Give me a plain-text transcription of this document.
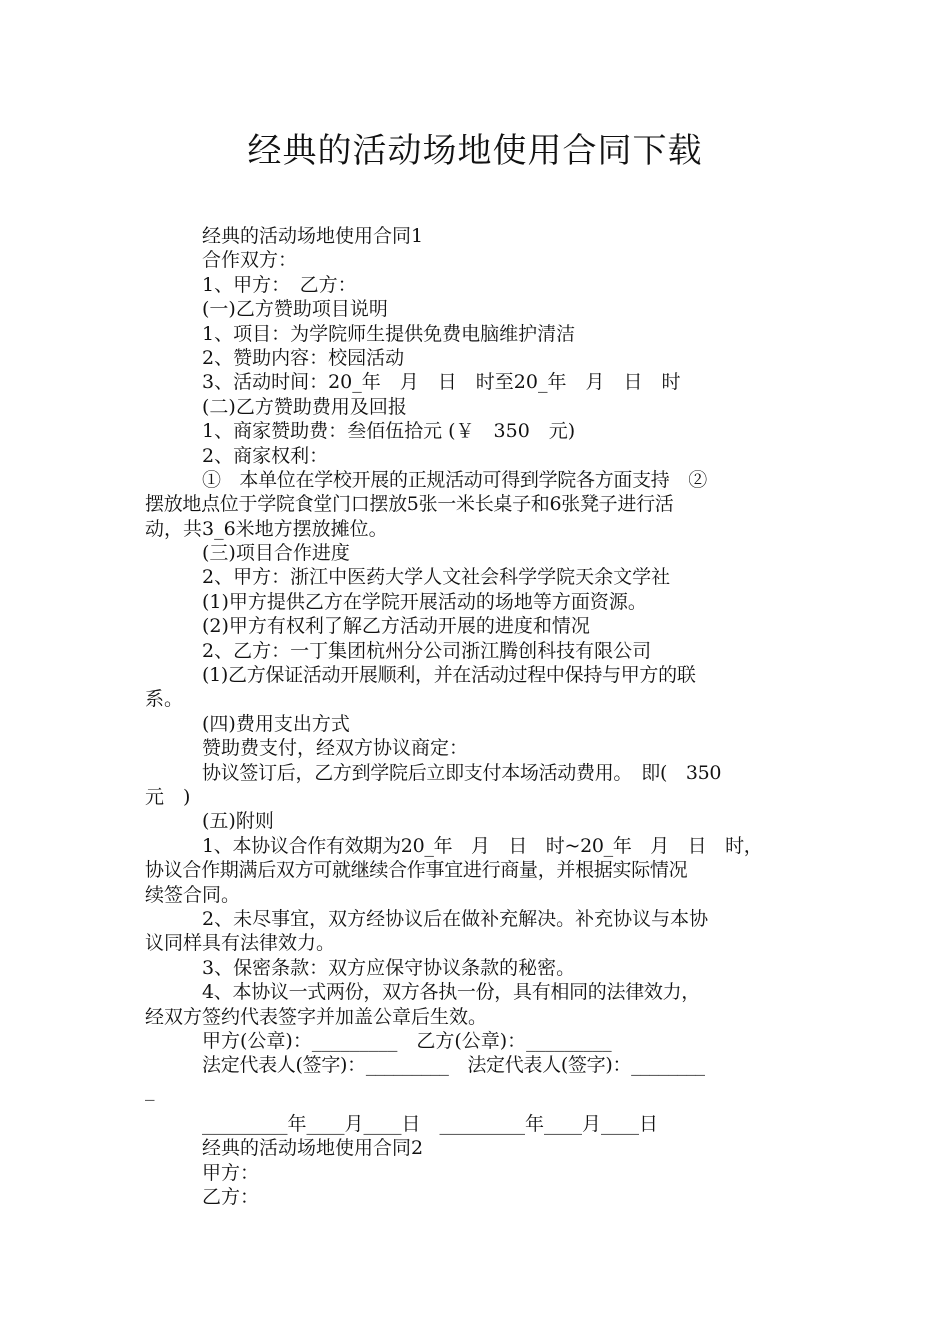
经典的活动场地使用合同下载
经典的活动场地使用合同1
合作双方：
1、甲方：　乙方：
(一)乙方赞助项目说明
1、项目：为学院师生提供免费电脑维护清洁
2、赞助内容：校园活动
3、活动时间：20_年　月　日　时至20_年　月　日　时
(二)乙方赞助费用及回报
1、商家赞助费：叁佰伍拾元 (￥　350　元)
2、商家权利：
①　本单位在学校开展的正规活动可得到学院各方面支持　②
摆放地点位于学院食堂门口摆放5张一米长桌子和6张凳子进行活
动，共3_6米地方摆放摊位。
(三)项目合作进度
2、甲方：浙江中医药大学人文社会科学学院天余文学社
(1)甲方提供乙方在学院开展活动的场地等方面资源。
(2)甲方有权利了解乙方活动开展的进度和情况
2、乙方：一丁集团杭州分公司浙江腾创科技有限公司
(1)乙方保证活动开展顺利，并在活动过程中保持与甲方的联
系。
(四)费用支出方式
赞助费支付，经双方协议商定：
协议签订后，乙方到学院后立即支付本场活动费用。　即(　350
元　)
(五)附则
1、本协议合作有效期为20_年　月　日　时~20_年　月　日　时，
协议合作期满后双方可就继续合作事宜进行商量，并根据实际情况
续签合同。
2、未尽事宜，双方经协议后在做补充解决。补充协议与本协
议同样具有法律效力。
3、保密条款：双方应保守协议条款的秘密。
4、本协议一式两份，双方各执一份，具有相同的法律效力，
经双方签约代表签字并加盖公章后生效。
甲方(公章)：_________　乙方(公章)：_________
法定代表人(签字)：_________　法定代表人(签字)：________
_
_________年____月____日　_________年____月____日
经典的活动场地使用合同2
甲方：
乙方：
